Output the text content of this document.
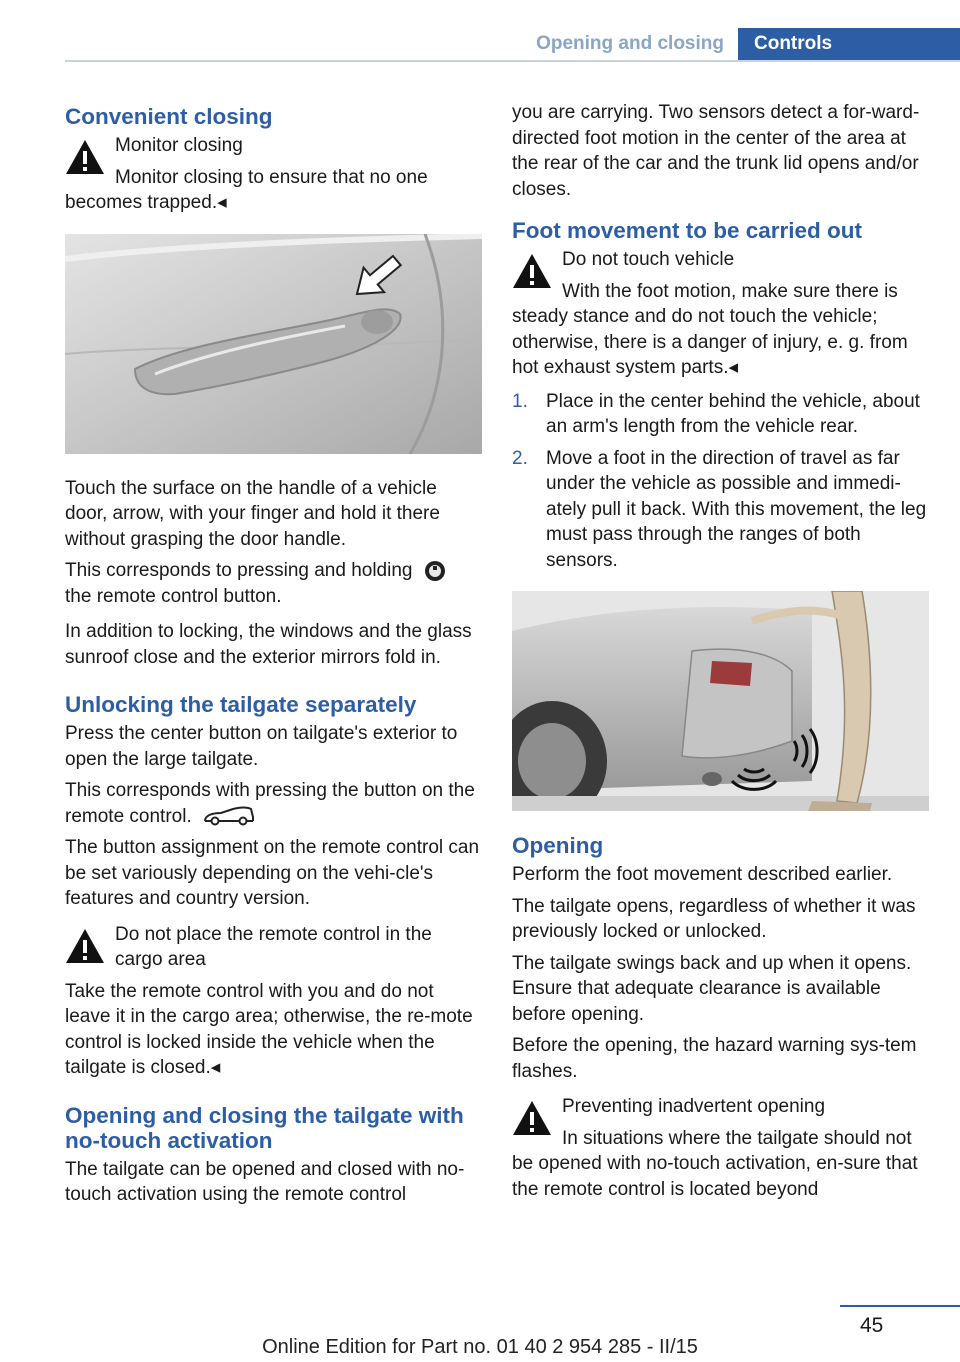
Opening and closing	Controls
Convenient closing

Monitor closing

Monitor closing to ensure that no one becomes trapped.◂

Touch the surface on the handle of a vehicle door, arrow, with your finger and hold it there without grasping the door handle.

This corresponds to pressing and holding
the remote control button.

In addition to locking, the windows and the glass sunroof close and the exterior mirrors fold in.

Unlocking the tailgate separately

Press the center button on tailgate's exterior to open the large tailgate.

This corresponds with pressing the button on the remote control.

The button assignment on the remote control can be set variously depending on the vehi‐cle's features and country version.

Do not place the remote control in the cargo area

Take the remote control with you and do not leave it in the cargo area; otherwise, the re‐mote control is locked inside the vehicle when the tailgate is closed.◂

Opening and closing the tailgate with no-touch activation

The tailgate can be opened and closed with no-touch activation using the remote control

you are carrying. Two sensors detect a for‐ward-directed foot motion in the center of the area at the rear of the car and the trunk lid opens and/or closes.

Foot movement to be carried out

Do not touch vehicle

With the foot motion, make sure there is steady stance and do not touch the vehicle; otherwise, there is a danger of injury, e. g. from hot exhaust system parts.◂

1. Place in the center behind the vehicle, about an arm's length from the vehicle rear.
2. Move a foot in the direction of travel as far under the vehicle as possible and immedi‐ately pull it back. With this movement, the leg must pass through the ranges of both sensors.
Opening

Perform the foot movement described earlier.

The tailgate opens, regardless of whether it was previously locked or unlocked.

The tailgate swings back and up when it opens. Ensure that adequate clearance is available before opening.

Before the opening, the hazard warning sys‐tem flashes.

Preventing inadvertent opening

In situations where the tailgate should not be opened with no-touch activation, en‐sure that the remote control is located beyond

45
Online Edition for Part no. 01 40 2 954 285 - II/15
